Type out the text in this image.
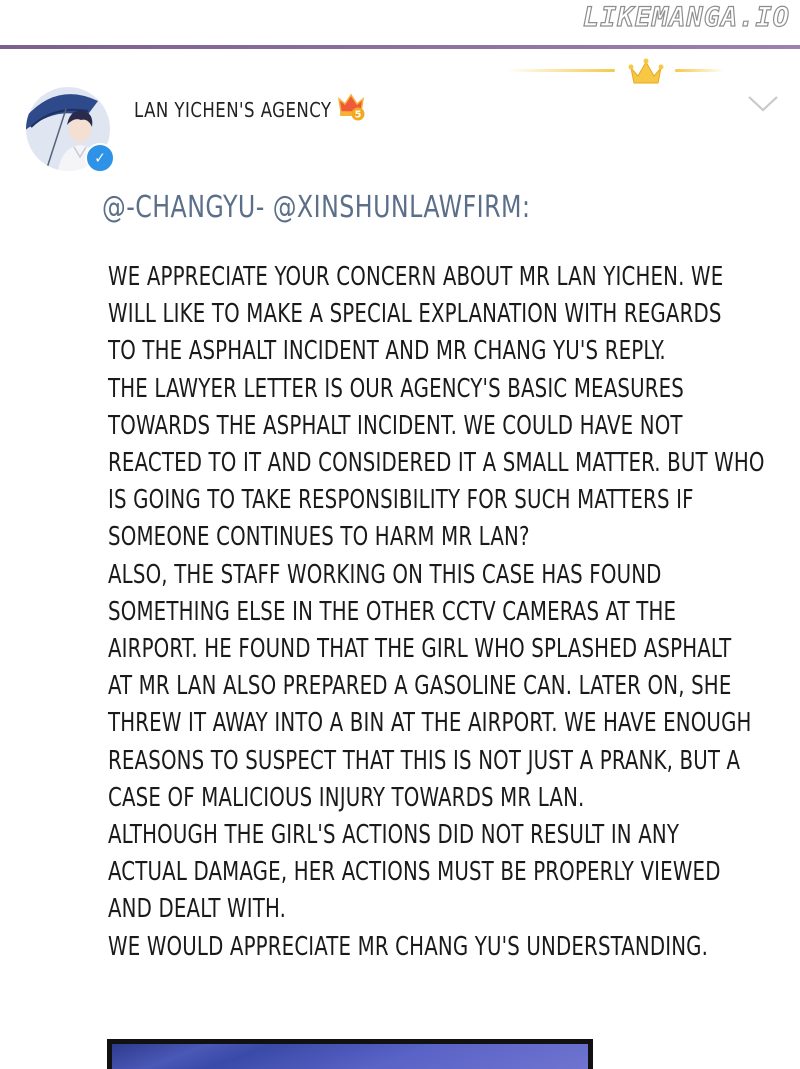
LIKEMANGA.IO
✓
LAN YICHEN'S AGENCY 5
@-CHANGYU- @XINSHUNLAWFIRM:
WE APPRECIATE YOUR CONCERN ABOUT MR LAN YICHEN. WE
WILL LIKE TO MAKE A SPECIAL EXPLANATION WITH REGARDS
TO THE ASPHALT INCIDENT AND MR CHANG YU'S REPLY.
THE LAWYER LETTER IS OUR AGENCY'S BASIC MEASURES
TOWARDS THE ASPHALT INCIDENT. WE COULD HAVE NOT
REACTED TO IT AND CONSIDERED IT A SMALL MATTER. BUT WHO
IS GOING TO TAKE RESPONSIBILITY FOR SUCH MATTERS IF
SOMEONE CONTINUES TO HARM MR LAN?
ALSO, THE STAFF WORKING ON THIS CASE HAS FOUND
SOMETHING ELSE IN THE OTHER CCTV CAMERAS AT THE
AIRPORT. HE FOUND THAT THE GIRL WHO SPLASHED ASPHALT
AT MR LAN ALSO PREPARED A GASOLINE CAN. LATER ON, SHE
THREW IT AWAY INTO A BIN AT THE AIRPORT. WE HAVE ENOUGH
REASONS TO SUSPECT THAT THIS IS NOT JUST A PRANK, BUT A
CASE OF MALICIOUS INJURY TOWARDS MR LAN.
ALTHOUGH THE GIRL'S ACTIONS DID NOT RESULT IN ANY
ACTUAL DAMAGE, HER ACTIONS MUST BE PROPERLY VIEWED
AND DEALT WITH.
WE WOULD APPRECIATE MR CHANG YU'S UNDERSTANDING.
